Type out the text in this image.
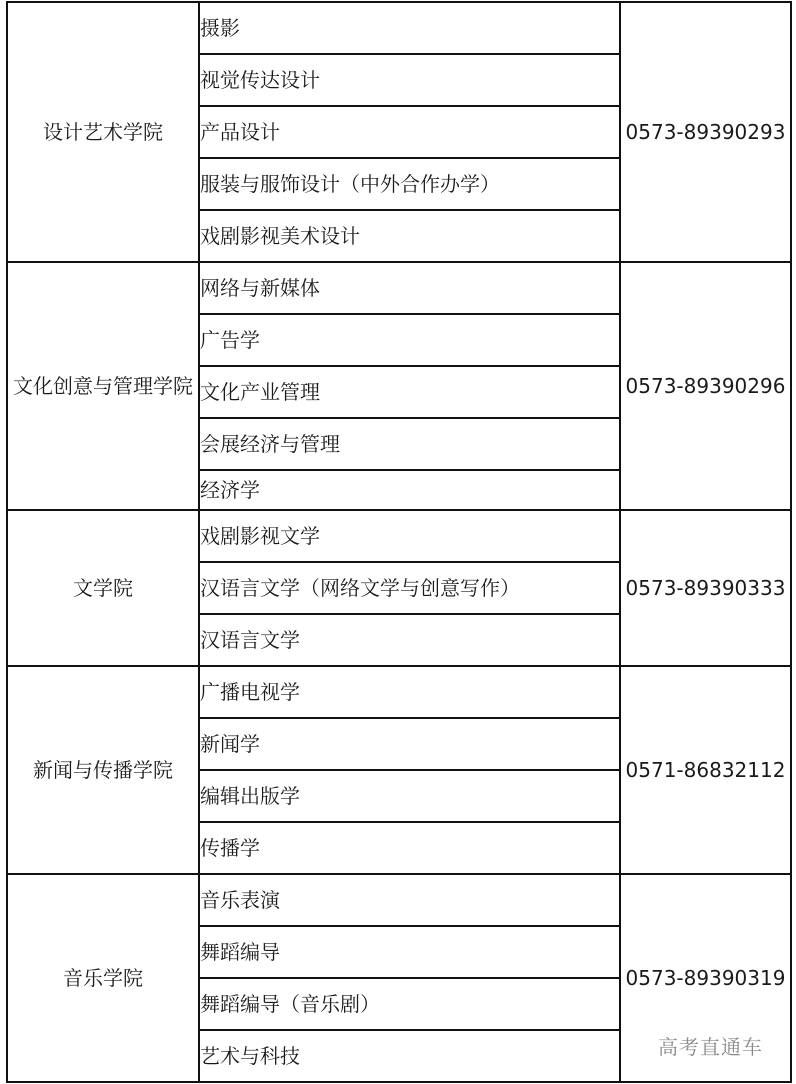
设计艺术学院	摄影	0573-89390293
	视觉传达设计	
	产品设计	
	服装与服饰设计（中外合作办学）	
	戏剧影视美术设计	
文化创意与管理学院	网络与新媒体	0573-89390296
	广告学	
	文化产业管理	
	会展经济与管理	
	经济学	
文学院	戏剧影视文学	0573-89390333
	汉语言文学（网络文学与创意写作）	
	汉语言文学	
新闻与传播学院	广播电视学	0571-86832112
	新闻学	
	编辑出版学	
	传播学	
音乐学院	音乐表演	0573-89390319
	舞蹈编导	
	舞蹈编导（音乐剧）	
	艺术与科技		高考直通车
